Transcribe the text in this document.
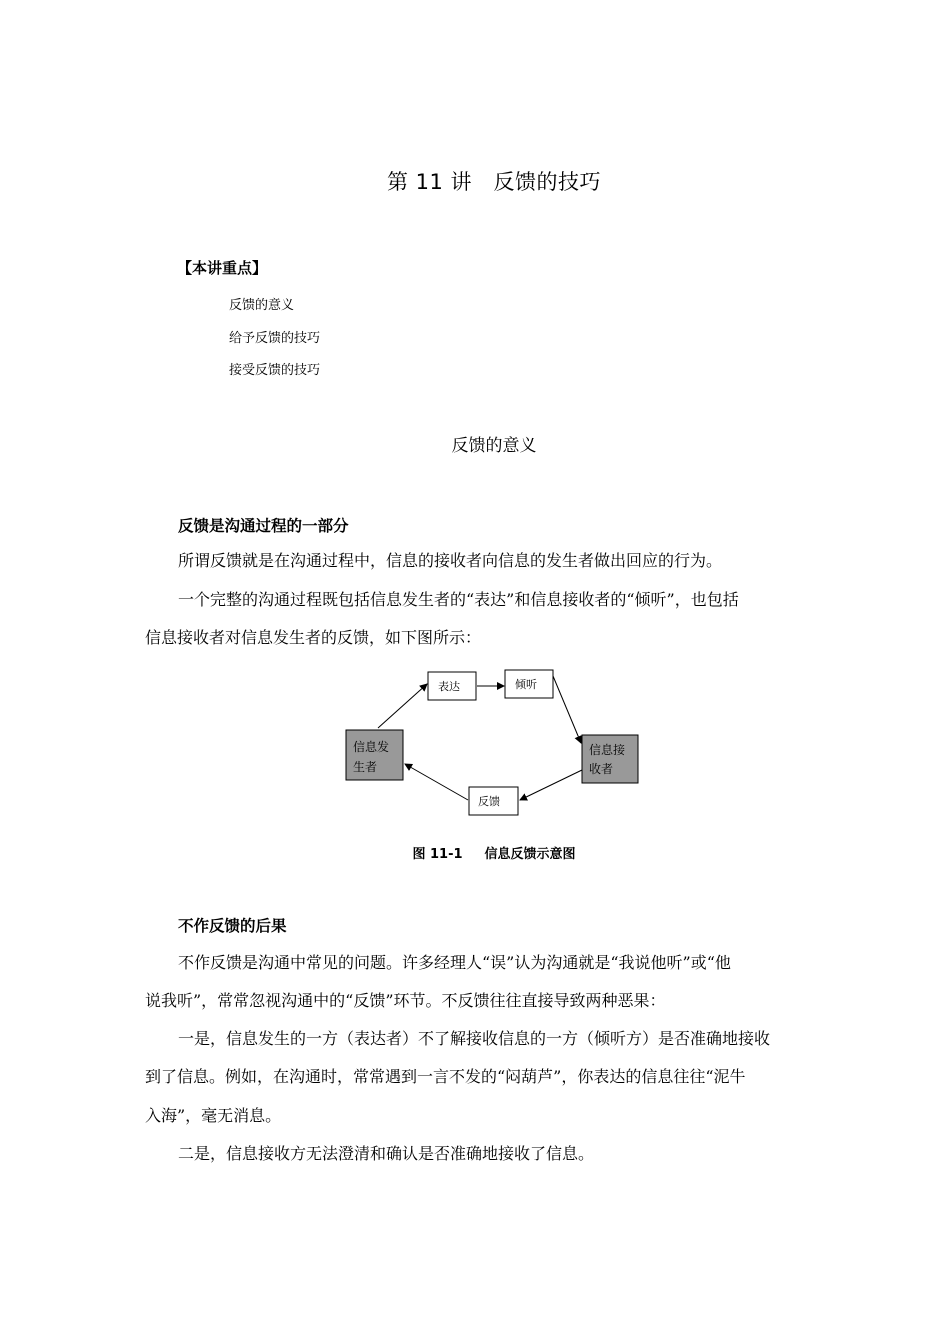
第 11 讲　反馈的技巧
【本讲重点】
反馈的意义
给予反馈的技巧
接受反馈的技巧
反馈的意义
反馈是沟通过程的一部分
所谓反馈就是在沟通过程中，信息的接收者向信息的发生者做出回应的行为。
一个完整的沟通过程既包括信息发生者的“表达”和信息接收者的“倾听”，也包括
信息接收者对信息发生者的反馈，如下图所示：
信息发
生者
信息接
收者
表达	倾听
反馈
图 11-1 信息反馈示意图
不作反馈的后果
不作反馈是沟通中常见的问题。许多经理人“误”认为沟通就是“我说他听”或“他
说我听”，常常忽视沟通中的“反馈”环节。不反馈往往直接导致两种恶果：
一是，信息发生的一方（表达者）不了解接收信息的一方（倾听方）是否准确地接收
到了信息。例如，在沟通时，常常遇到一言不发的“闷葫芦”，你表达的信息往往“泥牛
入海”，毫无消息。
二是，信息接收方无法澄清和确认是否准确地接收了信息。
